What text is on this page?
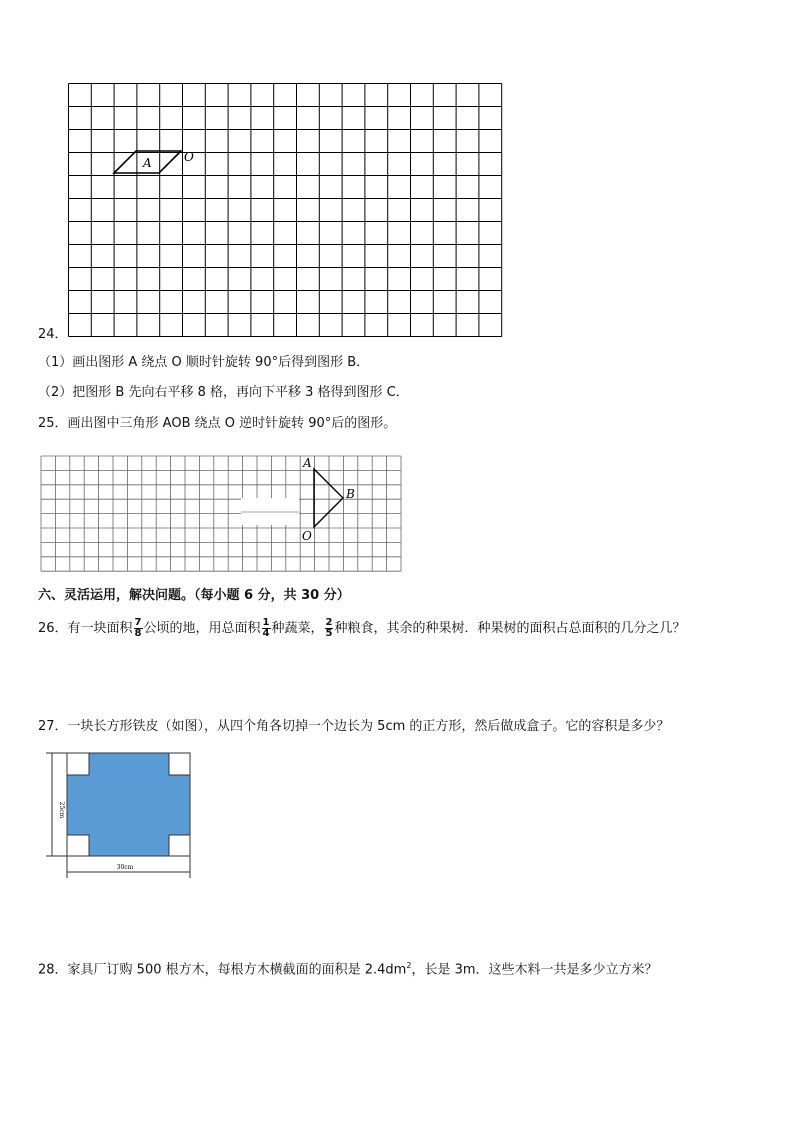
A	O
24．
（1）画出图形 A 绕点 O 顺时针旋转 90°后得到图形 B．
（2）把图形 B 先向右平移 8 格，再向下平移 3 格得到图形 C．
25．画出图中三角形 AOB 绕点 O 逆时针旋转 90°后的图形。
A
B
O
六、灵活运用，解决问题。（每小题 6 分，共 30 分）
26．有一块面积 $\frac{7}{8}$ 公顷的地，用总面积 $\frac{1}{4}$ 种蔬菜， $\frac{2}{5}$ 种粮食，其余的种果树．种果树的面积占总面积的几分之几？
27．一块长方形铁皮（如图），从四个角各切掉一个边长为 5cm 的正方形，然后做成盒子。它的容积是多少？
25cm
30cm
28．家具厂订购 500 根方木，每根方木横截面的面积是 $2.4dm^2$，长是 3m．这些木料一共是多少立方米？
